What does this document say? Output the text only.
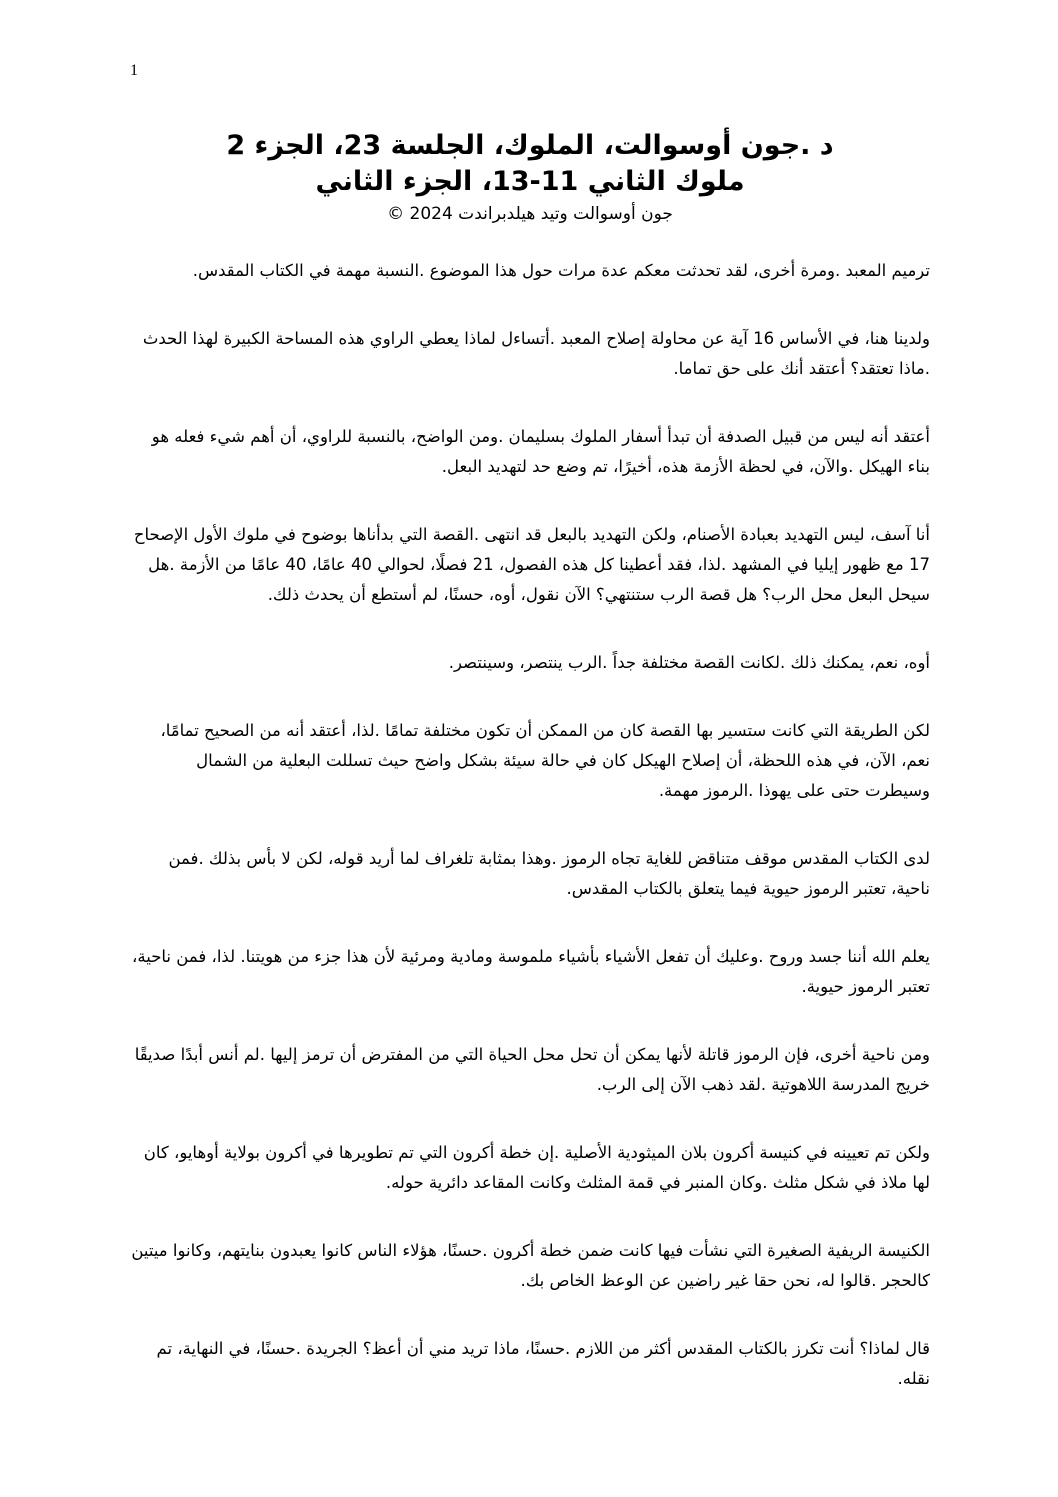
1
د .جون أوسوالت، الملوك، الجلسة 23، الجزء 2
ملوك الثاني 11-13، الجزء الثاني
جون أوسوالت وتيد هيلدبراندت 2024 ©

ترميم المعبد .ومرة أخرى، لقد تحدثت معكم عدة مرات حول هذا الموضوع .النسبة مهمة في الكتاب المقدس.

ولدينا هنا، في الأساس 16 آية عن محاولة إصلاح المعبد .أتساءل لماذا يعطي الراوي هذه المساحة الكبيرة لهذا الحدث .ماذا تعتقد؟ أعتقد أنك على حق تماما.

أعتقد أنه ليس من قبيل الصدفة أن تبدأ أسفار الملوك بسليمان .ومن الواضح، بالنسبة للراوي، أن أهم شيء فعله هو بناء الهيكل .والآن، في لحظة الأزمة هذه، أخيرًا، تم وضع حد لتهديد البعل.

أنا آسف، ليس التهديد بعبادة الأصنام، ولكن التهديد بالبعل قد انتهى .القصة التي بدأناها بوضوح في ملوك الأول الإصحاح 17 مع ظهور إيليا في المشهد .لذا، فقد أعطينا كل هذه الفصول، 21 فصلًا، لحوالي 40 عامًا، 40 عامًا من الأزمة .هل سيحل البعل محل الرب؟ هل قصة الرب ستنتهي؟ الآن نقول، أوه، حسنًا، لم أستطع أن يحدث ذلك.

أوه، نعم، يمكنك ذلك .لكانت القصة مختلفة جداً .الرب ينتصر، وسينتصر.

لكن الطريقة التي كانت ستسير بها القصة كان من الممكن أن تكون مختلفة تمامًا .لذا، أعتقد أنه من الصحيح تمامًا، نعم، الآن، في هذه اللحظة، أن إصلاح الهيكل كان في حالة سيئة بشكل واضح حيث تسللت البعلية من الشمال وسيطرت حتى على يهوذا .الرموز مهمة.

لدى الكتاب المقدس موقف متناقض للغاية تجاه الرموز .وهذا بمثابة تلغراف لما أريد قوله، لكن لا بأس بذلك .فمن ناحية، تعتبر الرموز حيوية فيما يتعلق بالكتاب المقدس.

يعلم الله أننا جسد وروح .وعليك أن تفعل الأشياء بأشياء ملموسة ومادية ومرئية لأن هذا جزء من هويتنا. لذا، فمن ناحية، تعتبر الرموز حيوية.

ومن ناحية أخرى، فإن الرموز قاتلة لأنها يمكن أن تحل محل الحياة التي من المفترض أن ترمز إليها .لم أنس أبدًا صديقًا خريج المدرسة اللاهوتية .لقد ذهب الآن إلى الرب.

ولكن تم تعيينه في كنيسة أكرون بلان الميثودية الأصلية .إن خطة أكرون التي تم تطويرها في أكرون بولاية أوهايو، كان لها ملاذ في شكل مثلث .وكان المنبر في قمة المثلث وكانت المقاعد دائرية حوله.

الكنيسة الريفية الصغيرة التي نشأت فيها كانت ضمن خطة أكرون .حسنًا، هؤلاء الناس كانوا يعبدون بنايتهم، وكانوا ميتين كالحجر .قالوا له، نحن حقا غير راضين عن الوعظ الخاص بك.

قال لماذا؟ أنت تكرز بالكتاب المقدس أكثر من اللازم .حسنًا، ماذا تريد مني أن أعظ؟ الجريدة .حسنًا، في النهاية، تم نقله.
